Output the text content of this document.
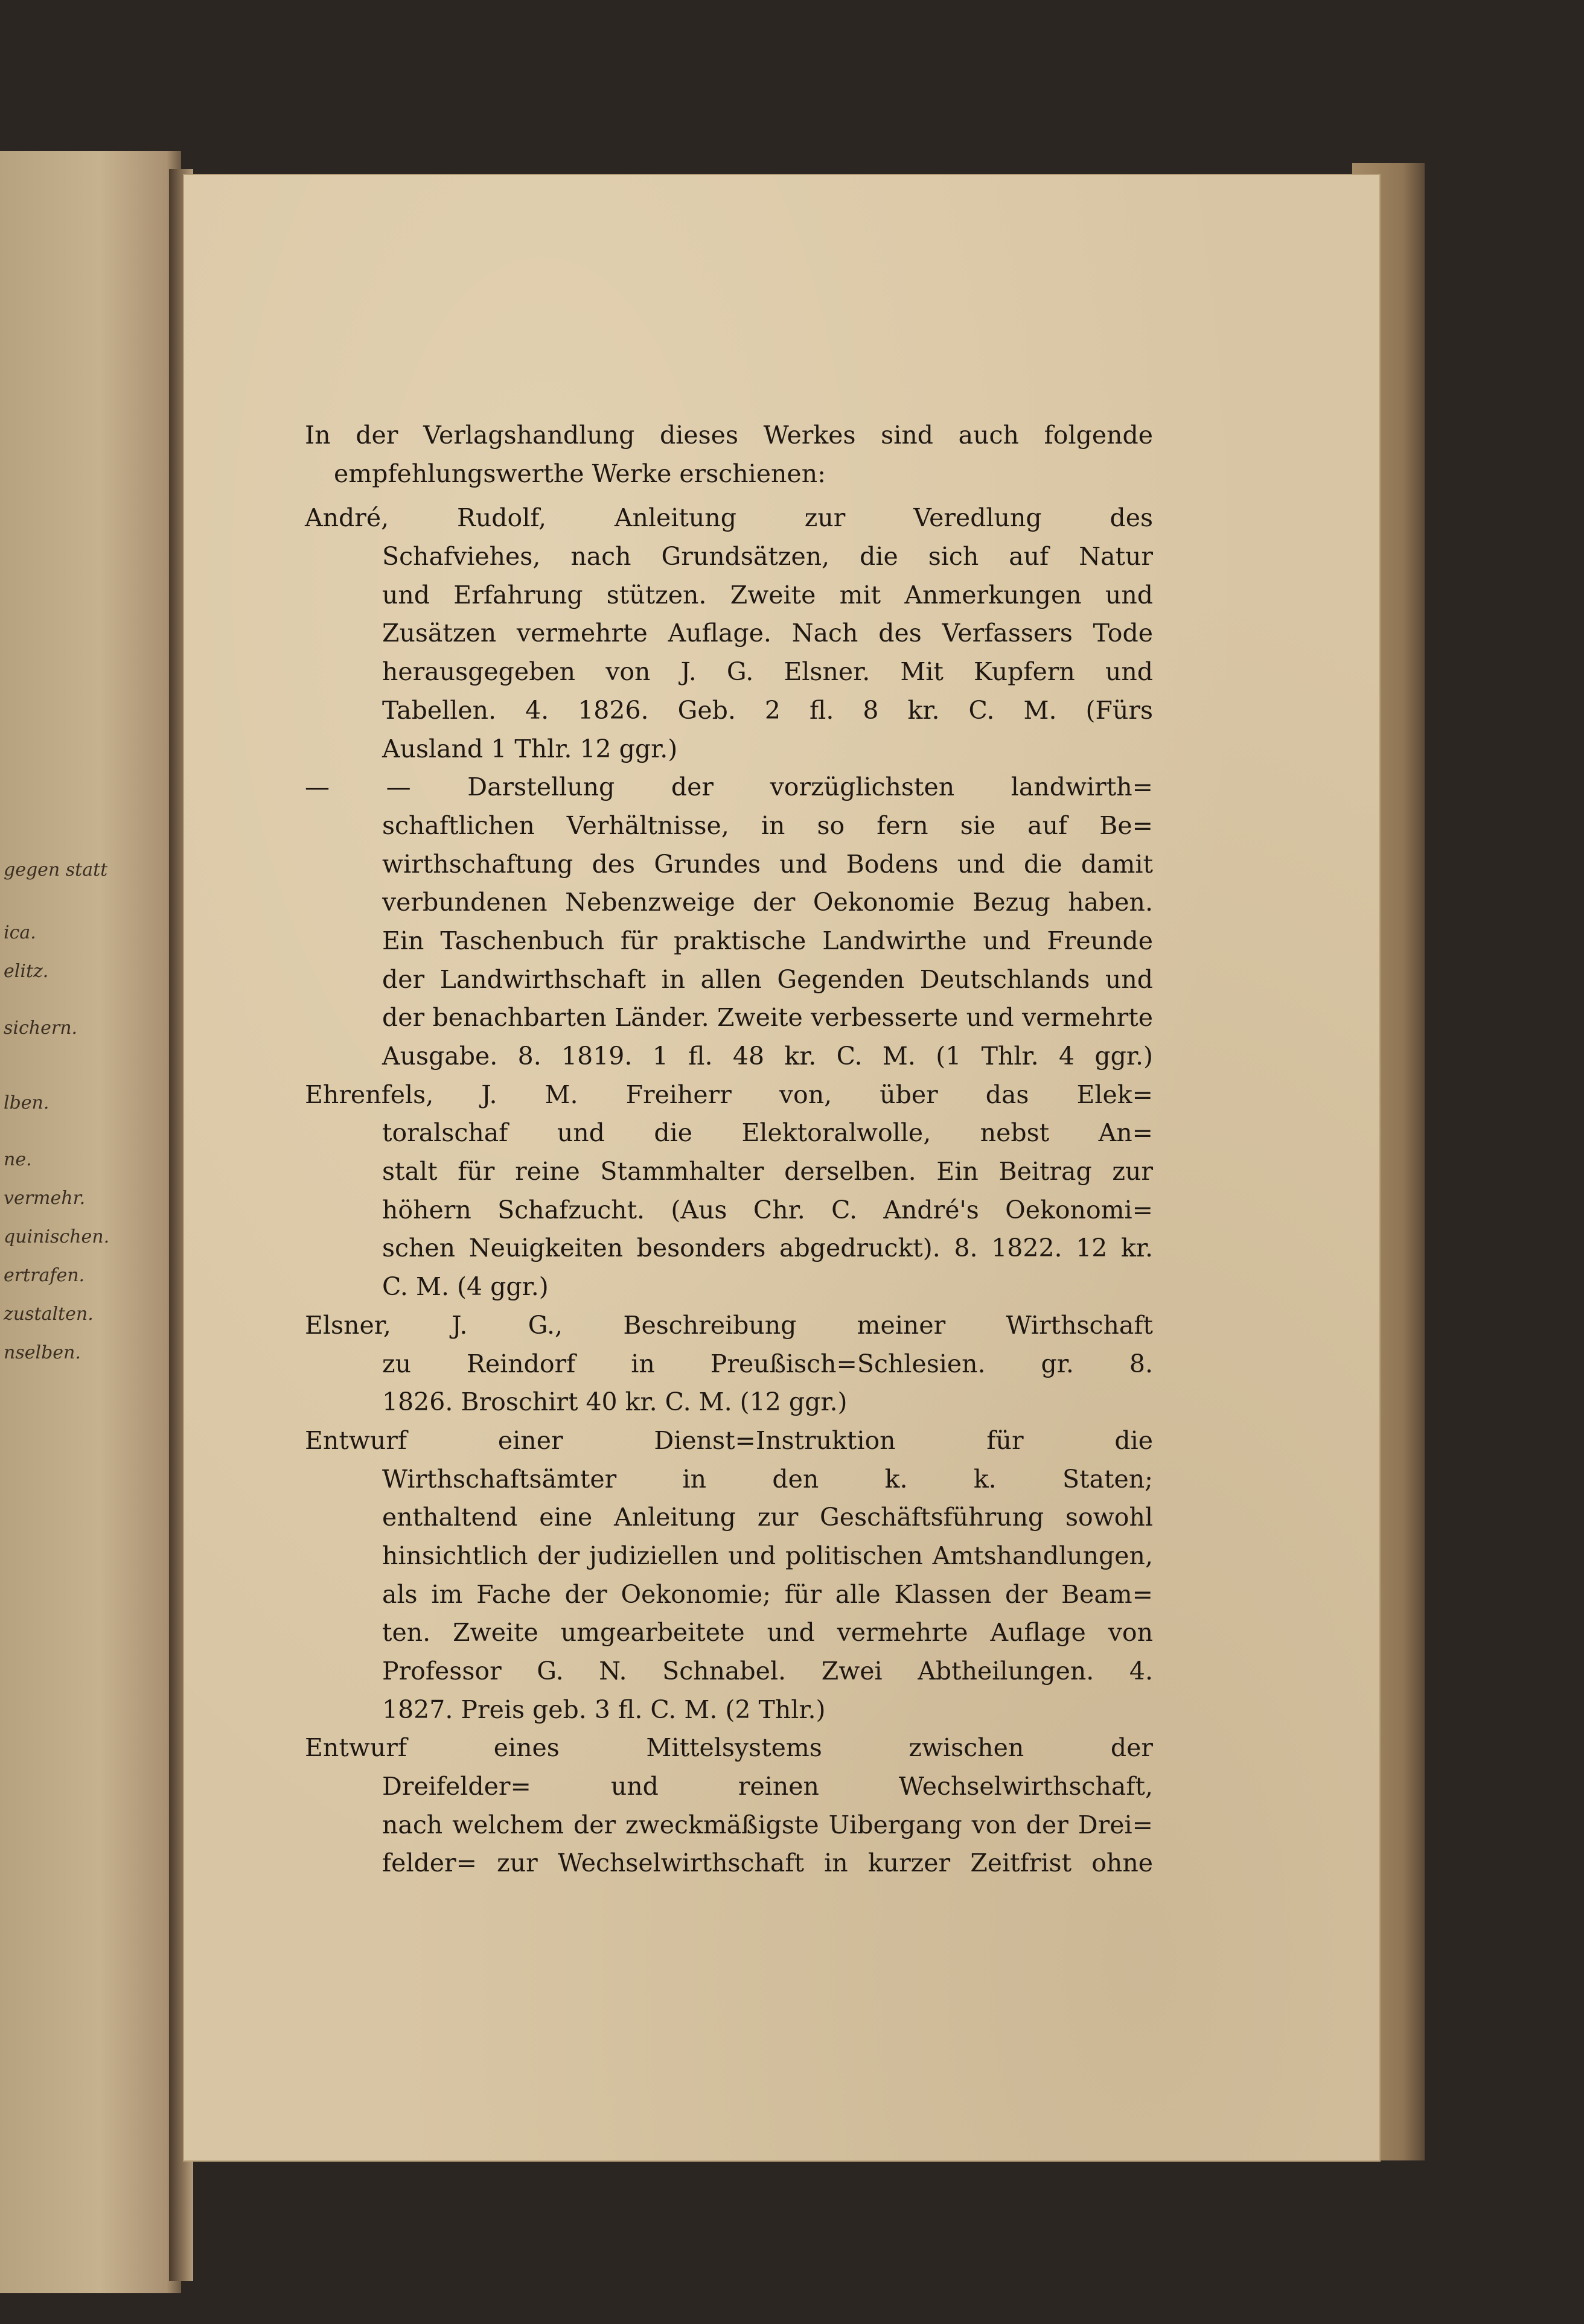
gegen statt
ica.
elitz.
sichern.
lben.
ne.
vermehr.
quinischen.
ertrafen.
zustalten.
nselben.
In der Verlagshandlung dieses Werkes sind auch folgende
empfehlungswerthe Werke erschienen:
André, Rudolf, Anleitung zur Veredlung des
Schafviehes, nach Grundsätzen, die sich auf Natur
und Erfahrung stützen. Zweite mit Anmerkungen und
Zusätzen vermehrte Auflage. Nach des Verfassers Tode
herausgegeben von J. G. Elsner. Mit Kupfern und
Tabellen. 4. 1826. Geb. 2 fl. 8 kr. C. M. (Fürs
Ausland 1 Thlr. 12 ggr.)
— — Darstellung der vorzüglichsten landwirth=
schaftlichen Verhältnisse, in so fern sie auf Be=
wirthschaftung des Grundes und Bodens und die damit
verbundenen Nebenzweige der Oekonomie Bezug haben.
Ein Taschenbuch für praktische Landwirthe und Freunde
der Landwirthschaft in allen Gegenden Deutschlands und
der benachbarten Länder. Zweite verbesserte und vermehrte
Ausgabe. 8. 1819. 1 fl. 48 kr. C. M. (1 Thlr. 4 ggr.)
Ehrenfels, J. M. Freiherr von, über das Elek=
toralschaf und die Elektoralwolle, nebst An=
stalt für reine Stammhalter derselben. Ein Beitrag zur
höhern Schafzucht. (Aus Chr. C. André's Oekonomi=
schen Neuigkeiten besonders abgedruckt). 8. 1822. 12 kr.
C. M. (4 ggr.)
Elsner, J. G., Beschreibung meiner Wirthschaft
zu Reindorf in Preußisch=Schlesien. gr. 8.
1826. Broschirt 40 kr. C. M. (12 ggr.)
Entwurf einer Dienst=Instruktion für die
Wirthschaftsämter in den k. k. Staten;
enthaltend eine Anleitung zur Geschäftsführung sowohl
hinsichtlich der judiziellen und politischen Amtshandlungen,
als im Fache der Oekonomie; für alle Klassen der Beam=
ten. Zweite umgearbeitete und vermehrte Auflage von
Professor G. N. Schnabel. Zwei Abtheilungen. 4.
1827. Preis geb. 3 fl. C. M. (2 Thlr.)
Entwurf eines Mittelsystems zwischen der
Dreifelder= und reinen Wechselwirthschaft,
nach welchem der zweckmäßigste Uibergang von der Drei=
felder= zur Wechselwirthschaft in kurzer Zeitfrist ohne
